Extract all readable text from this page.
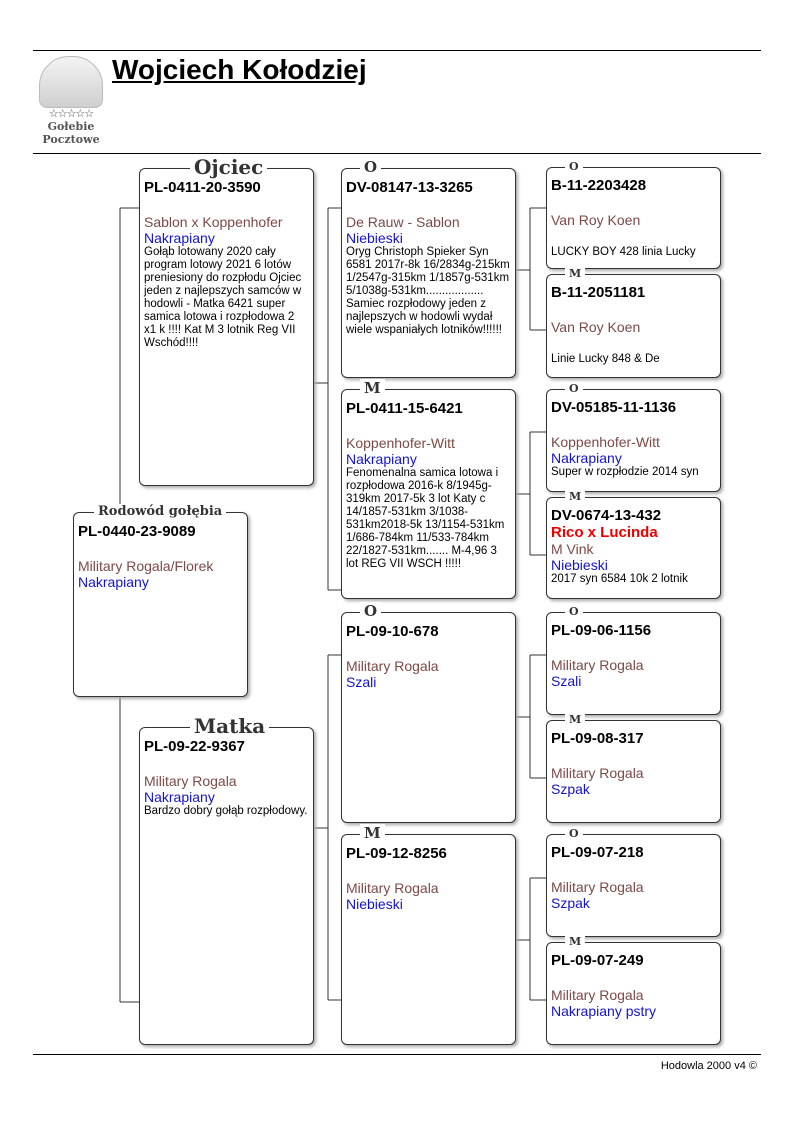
☆☆☆☆☆
Gołebie
Pocztowe
Wojciech Kołodziej
Rodowód gołębia
PL-0440-23-9089
Military Rogala/Florek
Nakrapiany
Ojciec
PL-0411-20-3590
Sablon x Koppenhofer
Nakrapiany
Gołąb lotowany 2020 cały program lotowy 2021 6 lotów preniesiony do rozpłodu Ojciec jeden z najlepszych samców w hodowli - Matka 6421 super samica lotowa i rozpłodowa 2 x1 k !!!! Kat M 3 lotnik Reg VII Wschód!!!!
Matka
PL-09-22-9367
Military Rogala
Nakrapiany
Bardzo dobry gołąb rozpłodowy.
Hodowla 2000 v4 ©
O
DV-08147-13-3265
De Rauw - Sablon
Niebieski
Oryg Christoph Spieker Syn 6581 2017r-8k 16/2834g-215km 1/2547g-315km 1/1857g-531km 5/1038g-531km.................. Samiec rozpłodowy jeden z najlepszych w hodowli wydał wiele wspaniałych lotników!!!!!!
M
PL-0411-15-6421
Koppenhofer-Witt
Nakrapiany
Fenomenalna samica lotowa i rozpłodowa 2016-k 8/1945g-319km 2017-5k 3 lot Katy c 14/1857-531km 3/1038-531km2018-5k 13/1154-531km 1/686-784km 11/533-784km 22/1827-531km....... M-4,96 3 lot REG VII WSCH !!!!!
O
PL-09-10-678
Military Rogala
Szali
M
PL-09-12-8256
Military Rogala
Niebieski
O
B-11-2203428
Van Roy Koen
LUCKY BOY 428 linia Lucky
M
B-11-2051181
Van Roy Koen
Linie Lucky 848 & De
O
DV-05185-11-1136
Koppenhofer-Witt
Nakrapiany
Super w rozpłodzie 2014 syn
M
DV-0674-13-432
Rico x Lucinda
M Vink
Niebieski
2017 syn 6584 10k 2 lotnik
O
PL-09-06-1156
Military Rogala
Szali
M
PL-09-08-317
Military Rogala
Szpak
O
PL-09-07-218
Military Rogala
Szpak
M
PL-09-07-249
Military Rogala
Nakrapiany pstry
